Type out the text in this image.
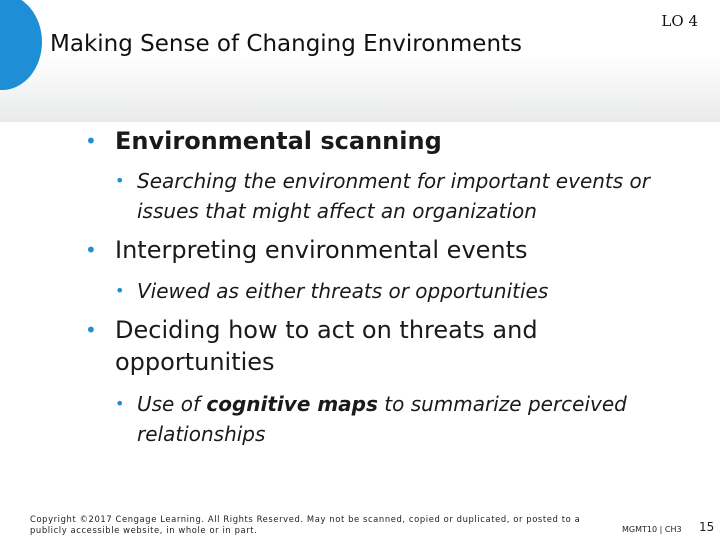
Making Sense of Changing Environments
LO 4
• Environmental scanning
• Searching the environment for important events or issues that might affect an organization
• Interpreting environmental events
• Viewed as either threats or opportunities
• Deciding how to act on threats and opportunities
• Use of cognitive maps to summarize perceived relationships
Copyright ©2017 Cengage Learning. All Rights Reserved. May not be scanned, copied or duplicated, or posted to a publicly accessible website, in whole or in part.	MGMT10 | CH3 15
